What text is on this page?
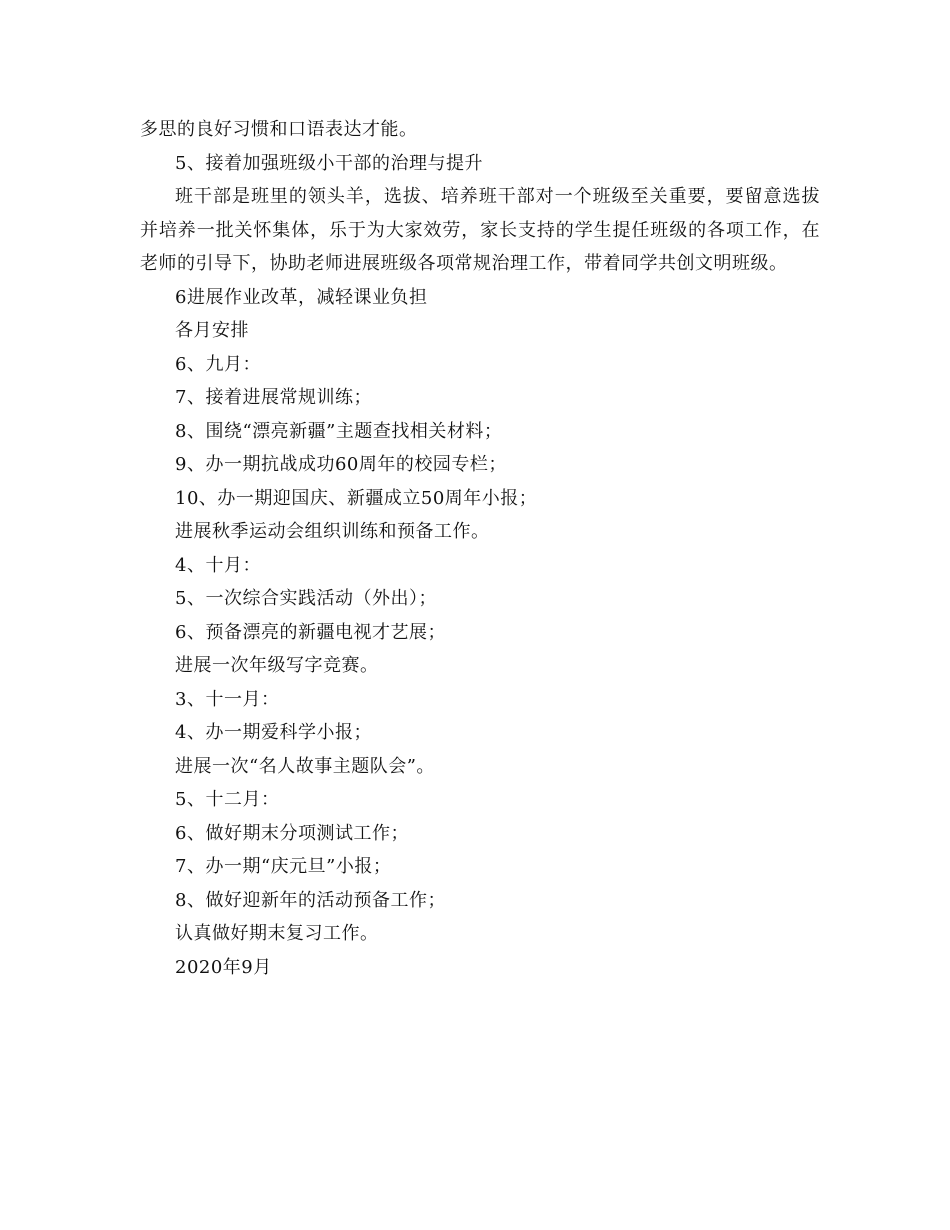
多思的良好习惯和口语表达才能。

5、接着加强班级小干部的治理与提升

班干部是班里的领头羊，选拔、培养班干部对一个班级至关重要，要留意选拔并培养一批关怀集体，乐于为大家效劳，家长支持的学生提任班级的各项工作，在老师的引导下，协助老师进展班级各项常规治理工作，带着同学共创文明班级。

6进展作业改革，减轻课业负担

各月安排

6、九月：

7、接着进展常规训练；

8、围绕“漂亮新疆”主题查找相关材料；

9、办一期抗战成功60周年的校园专栏；

10、办一期迎国庆、新疆成立50周年小报；

进展秋季运动会组织训练和预备工作。

4、十月：

5、一次综合实践活动（外出）；

6、预备漂亮的新疆电视才艺展；

进展一次年级写字竞赛。

3、十一月：

4、办一期爱科学小报；

进展一次“名人故事主题队会”。

5、十二月：

6、做好期末分项测试工作；

7、办一期“庆元旦”小报；

8、做好迎新年的活动预备工作；

认真做好期末复习工作。

2020年9月
